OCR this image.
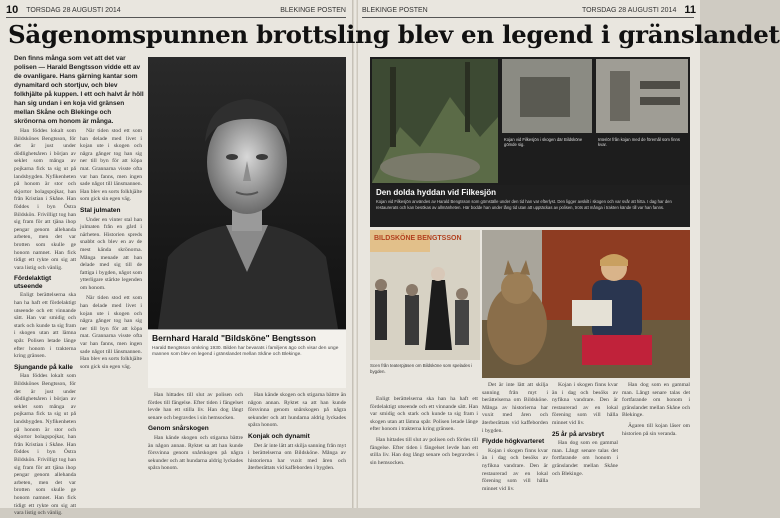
10 TORSDAG 28 AUGUSTI 2014	BLEKINGE POSTEN BLEKINGE POSTEN	TORSDAG 28 AUGUSTI 2014 11
Sägenomspunnen brottsling blev en legend i gränslandet
Den finns många som vet att det var polisen — Harald Bengtsson vidde ett av de ovanligare. Hans gärning kantar som dynamitard och stortjuv, och blev folkhjälte på kuppen. I ett och halvt år höll han sig undan i en koja vid gränsen mellan Skåne och Blekinge och skrönorna om honom är många.

Han föddes lokalt som Bildskönes Bengtsson, för det är just under dödlighetsåren i början av seklet som många av pojkarna fick ta sig ut på landsbygden. Nyfikenheten på honom är stor och skjortor bolagspojkar, han från Kristian i Skåne. Han föddes i byn Östra Bildskön. Frivilligt tog han sig fram för att tjäna ihop pengar genom allehanda arbeten, men det var brotten som skulle ge honom namnet. Han fick tidigt ett rykte om sig att vara listig och vänlig.

Fördelaktigt utseende

Enligt berättelserna ska han ha haft ett fördelaktigt utseende och ett vinnande sätt. Han var smidig och stark och kunde ta sig fram i skogen utan att lämna spår. Polisen letade länge efter honom i trakterna kring gränsen.

Sjungande på kalle

Han föddes lokalt som Bildskönes Bengtsson, för det är just under dödlighetsåren i början av seklet som många av pojkarna fick ta sig ut på landsbygden. Nyfikenheten på honom är stor och skjortor bolagspojkar, han från Kristian i Skåne. Han föddes i byn Östra Bildskön. Frivilligt tog han sig fram för att tjäna ihop pengar genom allehanda arbeten, men det var brotten som skulle ge honom namnet. Han fick tidigt ett rykte om sig att vara listig och vänlig.

När tiden stod ett som han delade med livet i kojan ute i skogen och några gånger tog han sig ner till byn för att köpa mat. Grannarna visste ofta var han fanns, men ingen sade något till länsmannen. Han blev en sorts folkhjälte som gick sin egen väg.

Stal julmaten

Under en vinter stal han julmaten från en gård i närheten. Historien spreds snabbt och blev en av de mest kända skrönorna. Många menade att han delade med sig till de fattiga i bygden, något som ytterligare stärkte legenden om honom.

När tiden stod ett som han delade med livet i kojan ute i skogen och några gånger tog han sig ner till byn för att köpa mat. Grannarna visste ofta var han fanns, men ingen sade något till länsmannen. Han blev en sorts folkhjälte som gick sin egen väg.

Bernhard Harald "Bildsköne" Bengtsson
Harald Bengtsson omkring 1930. Bilden har bevarats i familjens ägo och visar den unge mannen som blev en legend i gränslandet mellan Skåne och Blekinge.

Han hittades till slut av polisen och fördes till fängelse. Efter tiden i fängelset levde han ett stilla liv. Han dog långt senare och begravdes i sin hemsocken.

Genom snårskogen

Han kände skogen och stigarna bättre än någon annan. Ryktet sa att han kunde försvinna genom snårskogen på några sekunder och att hundarna aldrig lyckades spåra honom.

Han kände skogen och stigarna bättre än någon annan. Ryktet sa att han kunde försvinna genom snårskogen på några sekunder och att hundarna aldrig lyckades spåra honom.

Konjak och dynamit

Det är inte lätt att skilja sanning från myt i berättelserna om Bildsköne. Många av historierna har vuxit med åren och återberättats vid kaffeborden i bygden.

Kojan vid Filkesjön i skogen där Bildsköne gömde sig.
Interiör från kojan med de föremål som finns kvar.
Den dolda hyddan vid Filkesjön
Kojan vid Filkesjön användes av Harald Bengtsson som gömställe under den tid han var efterlyst. Den ligger avskilt i skogen och var svår att hitta. I dag har den restaurerats och kan besökas av allmänheten. Här bodde han under lång tid utan att upptäckas av polisen, trots att många i trakten kände till var han fanns.
BILDSKÖNE BENGTSSON
Scen från teaterpjäsen om Bildsköne som spelades i bygden.

Det är inte lätt att skilja sanning från myt i berättelserna om Bildsköne. Många av historierna har vuxit med åren och återberättats vid kaffeborden i bygden.

Flydde högkvarteret

Kojan i skogen finns kvar än i dag och besöks av nyfikna vandrare. Den är restaurerad av en lokal förening som vill hålla minnet vid liv.

Kojan i skogen finns kvar än i dag och besöks av nyfikna vandrare. Den är restaurerad av en lokal förening som vill hålla minnet vid liv.

25 år på arvsbryt

Han dog som en gammal man. Långt senare talas det fortfarande om honom i gränslandet mellan Skåne och Blekinge.

Han dog som en gammal man. Långt senare talas det fortfarande om honom i gränslandet mellan Skåne och Blekinge.

Ägaren till kojan läser om historien på sin veranda.

Enligt berättelserna ska han ha haft ett fördelaktigt utseende och ett vinnande sätt. Han var smidig och stark och kunde ta sig fram i skogen utan att lämna spår. Polisen letade länge efter honom i trakterna kring gränsen.

Han hittades till slut av polisen och fördes till fängelse. Efter tiden i fängelset levde han ett stilla liv. Han dog långt senare och begravdes i sin hemsocken.
